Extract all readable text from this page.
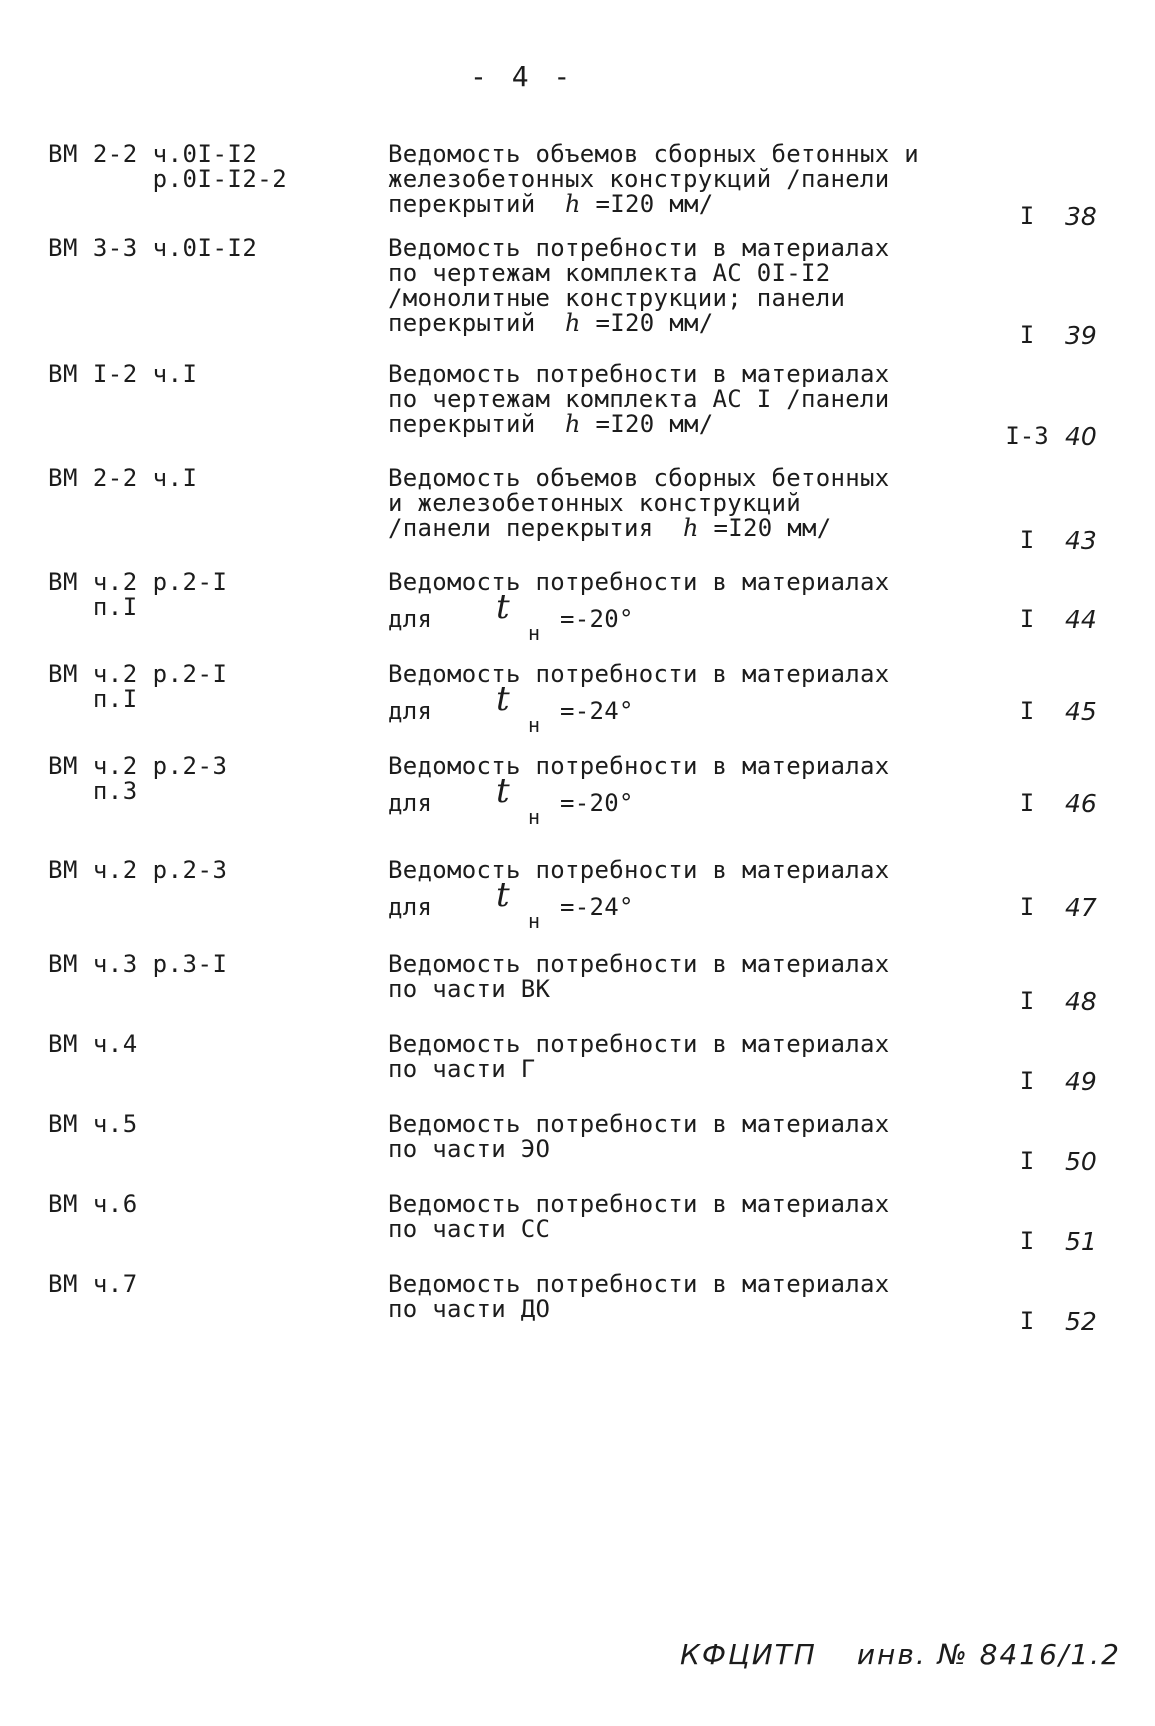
- 4 -
ВМ 2-2 ч.0I-I2
р.0I-I2-2
Ведомость объемов сборных бетонных и
железобетонных конструкций /панели
перекрытий  h =I20 мм/	I	38
ВМ 3-3 ч.0I-I2	Ведомость потребности в материалах
по чертежам комплекта АС 0I-I2
/монолитные конструкции; панели
перекрытий  h =I20 мм/	I	39
ВМ I-2 ч.I	Ведомость потребности в материалах
по чертежам комплекта АС I /панели
перекрытий  h =I20 мм/	I-3 40
ВМ 2-2 ч.I	Ведомость объемов сборных бетонных
и железобетонных конструкций
/панели перекрытия  h =I20 мм/	I	43
ВМ ч.2 р.2-I
п.I
Ведомость потребности в материалах
для t
н =-20°	I	44
ВМ ч.2 р.2-I
п.I
Ведомость потребности в материалах
для t
н =-24°	I	45
ВМ ч.2 р.2-3
п.3
Ведомость потребности в материалах
для t
н =-20°	I	46
ВМ ч.2 р.2-3	Ведомость потребности в материалах
для t
н =-24°	I	47
ВМ ч.3 р.3-I	Ведомость потребности в материалах
по части ВК	I	48
ВМ ч.4	Ведомость потребности в материалах
по части Г	I	49
ВМ ч.5	Ведомость потребности в материалах
по части ЭО	I	50
ВМ ч.6	Ведомость потребности в материалах
по части СС	I	51
ВМ ч.7	Ведомость потребности в материалах
по части ДО	I	52
КФЦИТП инв. № 8416/1.2
